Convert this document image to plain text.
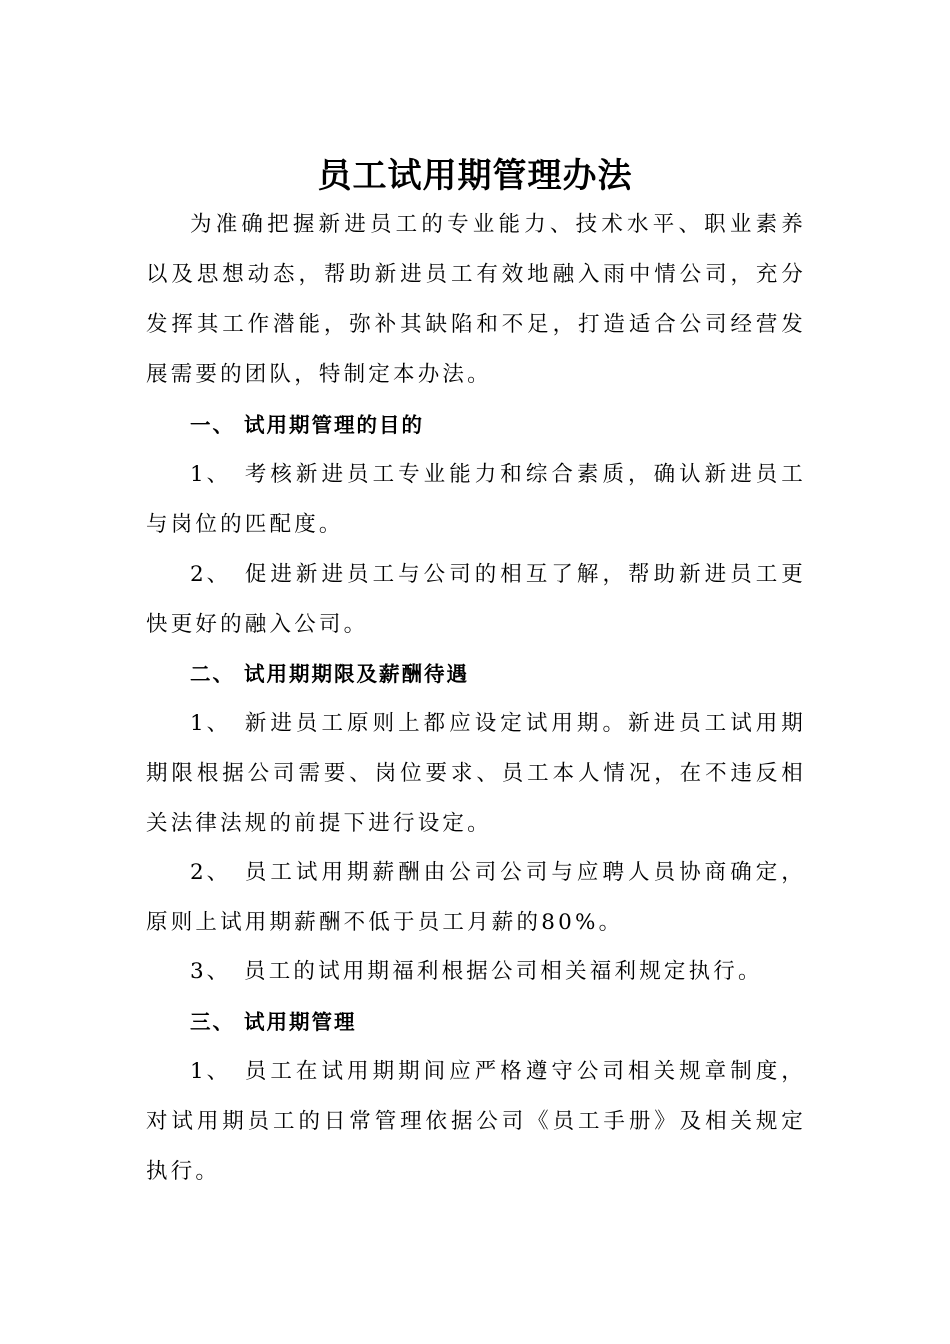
员工试用期管理办法

为准确把握新进员工的专业能力、技术水平、职业素养以及思想动态，帮助新进员工有效地融入雨中情公司，充分发挥其工作潜能，弥补其缺陷和不足，打造适合公司经营发展需要的团队，特制定本办法。

一、 试用期管理的目的
1、 考核新进员工专业能力和综合素质，确认新进员工与岗位的匹配度。
2、 促进新进员工与公司的相互了解，帮助新进员工更快更好的融入公司。
二、 试用期期限及薪酬待遇
1、 新进员工原则上都应设定试用期。新进员工试用期期限根据公司需要、岗位要求、员工本人情况，在不违反相关法律法规的前提下进行设定。
2、 员工试用期薪酬由公司公司与应聘人员协商确定，原则上试用期薪酬不低于员工月薪的80%。
3、 员工的试用期福利根据公司相关福利规定执行。
三、 试用期管理
1、 员工在试用期期间应严格遵守公司相关规章制度，对试用期员工的日常管理依据公司《员工手册》及相关规定执行。
